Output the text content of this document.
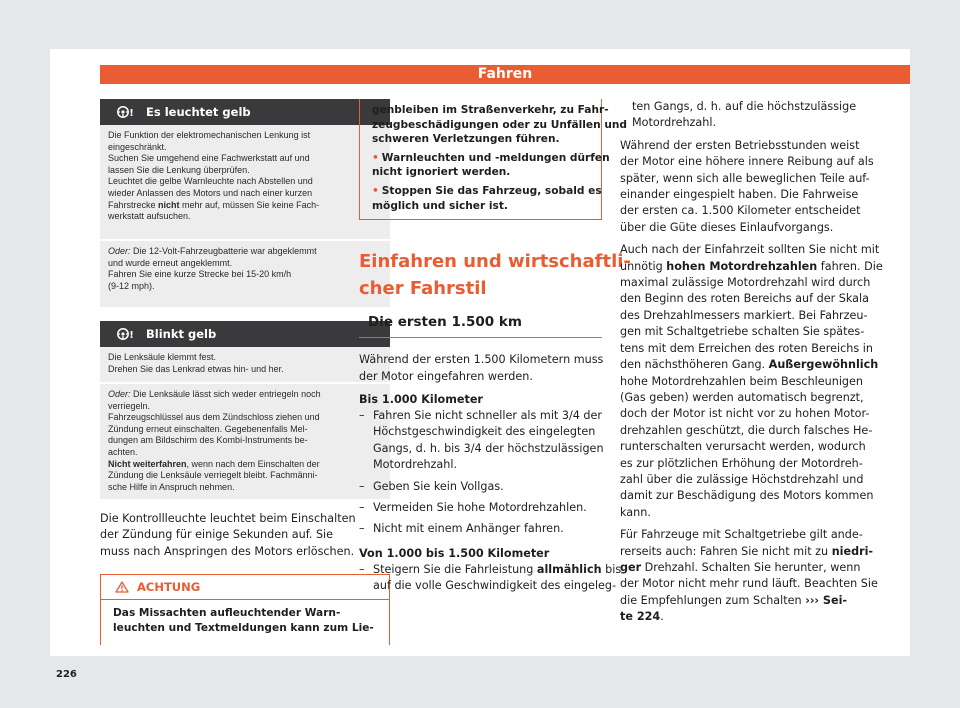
Fahren
! Es leuchtet gelb
Die Funktion der elektromechanischen Lenkung ist
eingeschränkt.
Suchen Sie umgehend eine Fachwerkstatt auf und
lassen Sie die Lenkung überprüfen.
Leuchtet die gelbe Warnleuchte nach Abstellen und
wieder Anlassen des Motors und nach einer kurzen
Fahrstrecke nicht mehr auf, müssen Sie keine Fach-
werkstatt aufsuchen.
Oder: Die 12-Volt-Fahrzeugbatterie war abgeklemmt
und wurde erneut angeklemmt.
Fahren Sie eine kurze Strecke bei 15-20 km/h
(9-12 mph).
! Blinkt gelb
Die Lenksäule klemmt fest.
Drehen Sie das Lenkrad etwas hin- und her.
Oder: Die Lenksäule lässt sich weder entriegeln noch
verriegeln.
Fahrzeugschlüssel aus dem Zündschloss ziehen und
Zündung erneut einschalten. Gegebenenfalls Mel-
dungen am Bildschirm des Kombi-Instruments be-
achten.
Nicht weiterfahren, wenn nach dem Einschalten der
Zündung die Lenksäule verriegelt bleibt. Fachmänni-
sche Hilfe in Anspruch nehmen.
Die Kontrollleuchte leuchtet beim Einschalten
der Zündung für einige Sekunden auf. Sie
muss nach Anspringen des Motors erlöschen.
ACHTUNG
Das Missachten aufleuchtender Warn-
leuchten und Textmeldungen kann zum Lie-
226
genbleiben im Straßenverkehr, zu Fahr-
zeugbeschädigungen oder zu Unfällen und
schweren Verletzungen führen.
• Warnleuchten und -meldungen dürfen
nicht ignoriert werden.
• Stoppen Sie das Fahrzeug, sobald es
möglich und sicher ist.
Einfahren und wirtschaftli-
cher Fahrstil
Die ersten 1.500 km
Während der ersten 1.500 Kilometern muss
der Motor eingefahren werden.
Bis 1.000 Kilometer
– Fahren Sie nicht schneller als mit 3/4 der
Höchstgeschwindigkeit des eingelegten
Gangs, d. h. bis 3/4 der höchstzulässigen
Motordrehzahl.
– Geben Sie kein Vollgas.
– Vermeiden Sie hohe Motordrehzahlen.
– Nicht mit einem Anhänger fahren.
Von 1.000 bis 1.500 Kilometer
– Steigern Sie die Fahrleistung allmählich bis
auf die volle Geschwindigkeit des eingeleg-
ten Gangs, d. h. auf die höchstzulässige
Motordrehzahl.
Während der ersten Betriebsstunden weist
der Motor eine höhere innere Reibung auf als
später, wenn sich alle beweglichen Teile auf-
einander eingespielt haben. Die Fahrweise
der ersten ca. 1.500 Kilometer entscheidet
über die Güte dieses Einlaufvorgangs.
Auch nach der Einfahrzeit sollten Sie nicht mit
unnötig hohen Motordrehzahlen fahren. Die
maximal zulässige Motordrehzahl wird durch
den Beginn des roten Bereichs auf der Skala
des Drehzahlmessers markiert. Bei Fahrzeu-
gen mit Schaltgetriebe schalten Sie spätes-
tens mit dem Erreichen des roten Bereichs in
den nächsthöheren Gang. Außergewöhnlich
hohe Motordrehzahlen beim Beschleunigen
(Gas geben) werden automatisch begrenzt,
doch der Motor ist nicht vor zu hohen Motor-
drehzahlen geschützt, die durch falsches He-
runterschalten verursacht werden, wodurch
es zur plötzlichen Erhöhung der Motordreh-
zahl über die zulässige Höchstdrehzahl und
damit zur Beschädigung des Motors kommen
kann.
Für Fahrzeuge mit Schaltgetriebe gilt ande-
rerseits auch: Fahren Sie nicht mit zu niedri-
ger Drehzahl. Schalten Sie herunter, wenn
der Motor nicht mehr rund läuft. Beachten Sie
die Empfehlungen zum Schalten ››› Sei-
te 224.
